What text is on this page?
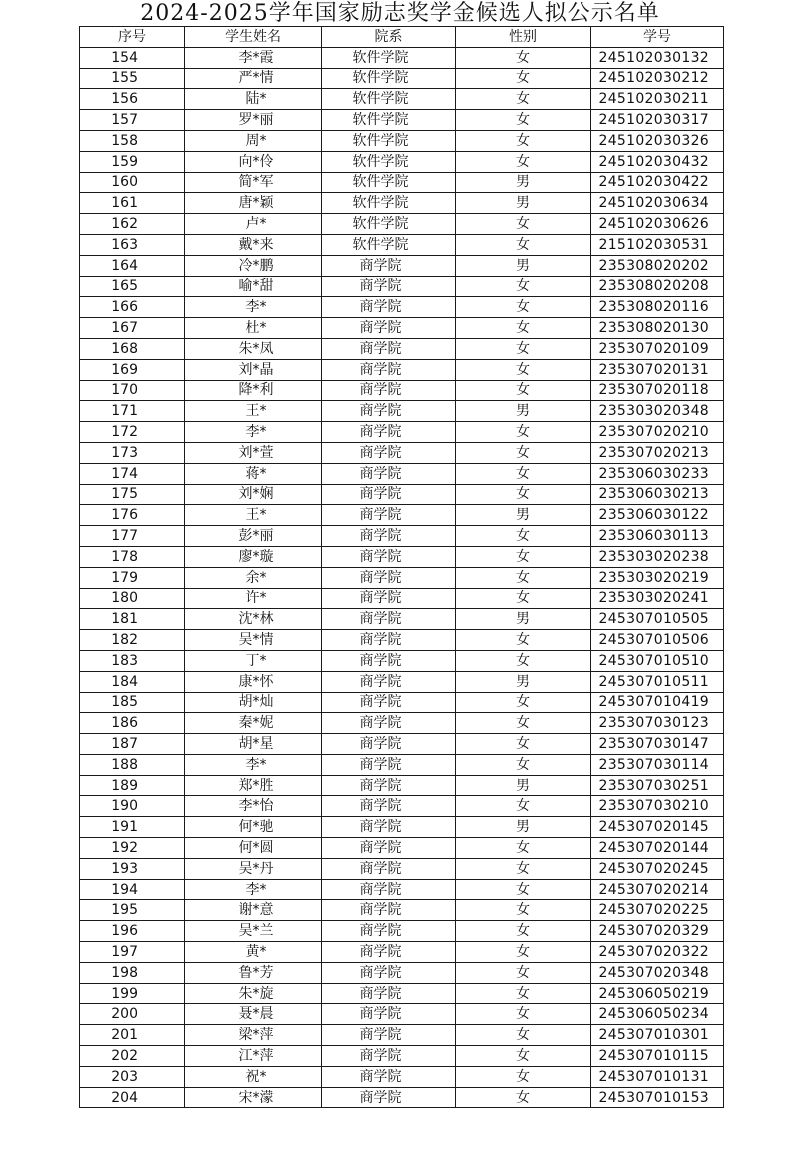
2024-2025学年国家励志奖学金候选人拟公示名单
序号	学生姓名	院系	性别	学号
154	李*霞	软件学院	女	245102030132
155	严*情	软件学院	女	245102030212
156	陆*	软件学院	女	245102030211
157	罗*丽	软件学院	女	245102030317
158	周*	软件学院	女	245102030326
159	向*伶	软件学院	女	245102030432
160	简*军	软件学院	男	245102030422
161	唐*颖	软件学院	男	245102030634
162	卢*	软件学院	女	245102030626
163	戴*来	软件学院	女	215102030531
164	冷*鹏	商学院	男	235308020202
165	喻*甜	商学院	女	235308020208
166	李*	商学院	女	235308020116
167	杜*	商学院	女	235308020130
168	朱*凤	商学院	女	235307020109
169	刘*晶	商学院	女	235307020131
170	降*利	商学院	女	235307020118
171	王*	商学院	男	235303020348
172	李*	商学院	女	235307020210
173	刘*萱	商学院	女	235307020213
174	蒋*	商学院	女	235306030233
175	刘*娴	商学院	女	235306030213
176	王*	商学院	男	235306030122
177	彭*丽	商学院	女	235306030113
178	廖*璇	商学院	女	235303020238
179	余*	商学院	女	235303020219
180	许*	商学院	女	235303020241
181	沈*林	商学院	男	245307010505
182	吴*情	商学院	女	245307010506
183	丁*	商学院	女	245307010510
184	康*怀	商学院	男	245307010511
185	胡*灿	商学院	女	245307010419
186	秦*妮	商学院	女	235307030123
187	胡*星	商学院	女	235307030147
188	李*	商学院	女	235307030114
189	郑*胜	商学院	男	235307030251
190	李*怡	商学院	女	235307030210
191	何*驰	商学院	男	245307020145
192	何*圆	商学院	女	245307020144
193	吴*丹	商学院	女	245307020245
194	李*	商学院	女	245307020214
195	谢*意	商学院	女	245307020225
196	吴*兰	商学院	女	245307020329
197	黄*	商学院	女	245307020322
198	鲁*芳	商学院	女	245307020348
199	朱*旋	商学院	女	245306050219
200	聂*晨	商学院	女	245306050234
201	梁*萍	商学院	女	245307010301
202	江*萍	商学院	女	245307010115
203	祝*	商学院	女	245307010131
204	宋*濛	商学院	女	245307010153
